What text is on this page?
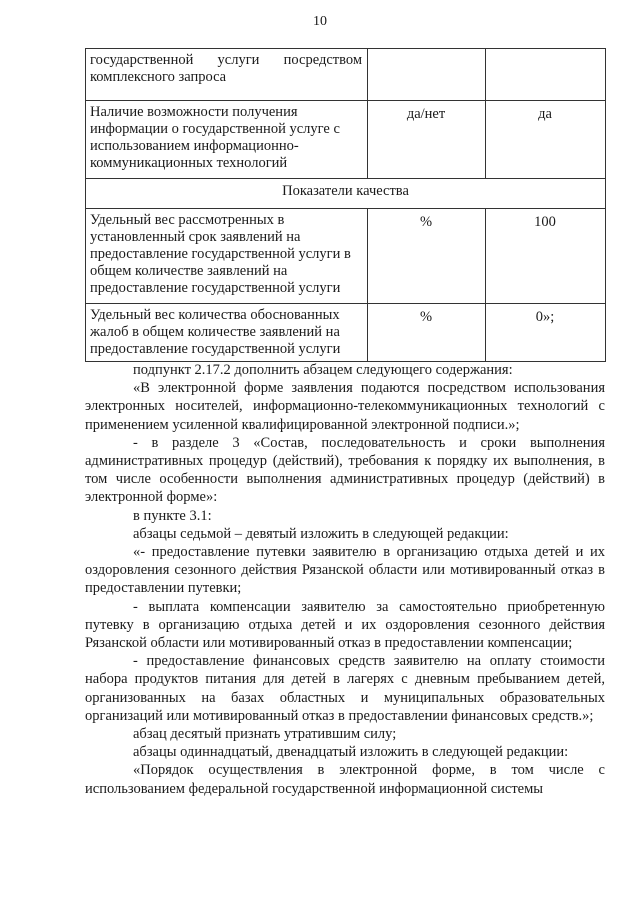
10
государственной услуги посредством
комплексного запроса		

Наличие возможности получения информации о государственной услуге с использованием информационно-коммуникационных технологий	да/нет	да
Показатели качества		
Удельный вес рассмотренных в установленный срок заявлений на предоставление государственной услуги в общем количестве заявлений на предоставление государственной услуги	%	100
Удельный вес количества обоснованных жалоб в общем количестве заявлений на предоставление государственной услуги	%	0»;

подпункт 2.17.2 дополнить абзацем следующего содержания:

«В электронной форме заявления подаются посредством использования электронных носителей, информационно-телекоммуникационных технологий с применением усиленной квалифицированной электронной подписи.»;

- в разделе 3 «Состав, последовательность и сроки выполнения административных процедур (действий), требования к порядку их выполнения, в том числе особенности выполнения административных процедур (действий) в электронной форме»:

в пункте 3.1:

абзацы седьмой – девятый изложить в следующей редакции:

«- предоставление путевки заявителю в организацию отдыха детей и их оздоровления сезонного действия Рязанской области или мотивированный отказ в предоставлении путевки;

- выплата компенсации заявителю за самостоятельно приобретенную путевку в организацию отдыха детей и их оздоровления сезонного действия Рязанской области или мотивированный отказ в предоставлении компенсации;

- предоставление финансовых средств заявителю на оплату стоимости набора продуктов питания для детей в лагерях с дневным пребыванием детей, организованных на базах областных и муниципальных образовательных организаций или мотивированный отказ в предоставлении финансовых средств.»;

абзац десятый признать утратившим силу;

абзацы одиннадцатый, двенадцатый изложить в следующей редакции:

«Порядок осуществления в электронной форме, в том числе с использованием федеральной государственной информационной системы
